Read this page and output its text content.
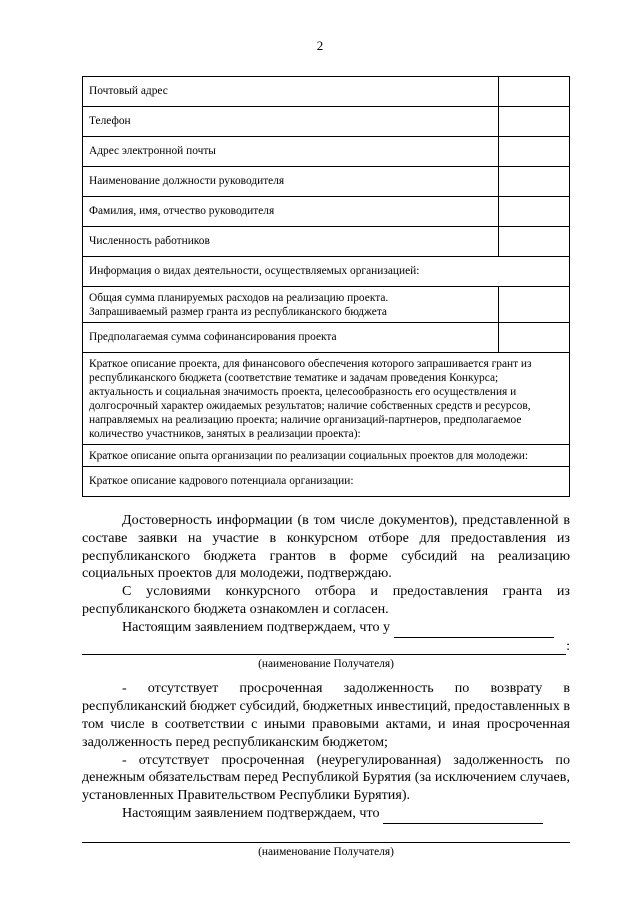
2
Почтовый адрес	
Телефон	
Адрес электронной почты	
Наименование должности руководителя	
Фамилия, имя, отчество руководителя	
Численность работников	
Информация о видах деятельности, осуществляемых организацией:	
Общая сумма планируемых расходов на реализацию проекта.
Запрашиваемый размер гранта из республиканского бюджета	
Предполагаемая сумма софинансирования проекта	
Краткое описание проекта, для финансового обеспечения которого запрашивается грант из республиканского бюджета (соответствие тематике и задачам проведения Конкурса; актуальность и социальная значимость проекта, целесообразность его осуществления и долгосрочный характер ожидаемых результатов; наличие собственных средств и ресурсов, направляемых на реализацию проекта; наличие организаций-партнеров, предполагаемое количество участников, занятых в реализации проекта):	
Краткое описание опыта организации по реализации социальных проектов для молодежи:	
Краткое описание кадрового потенциала организации:	

Достоверность информации (в том числе документов), представленной в составе заявки на участие в конкурсном отборе для предоставления из республиканского бюджета грантов в форме субсидий на реализацию социальных проектов для молодежи, подтверждаю.

С условиями конкурсного отбора и предоставления гранта из республиканского бюджета ознакомлен и согласен.

Настоящим заявлением подтверждаем, что у

:
(наименование Получателя)

- отсутствует просроченная задолженность по возврату в республиканский бюджет субсидий, бюджетных инвестиций, предоставленных в том числе в соответствии с иными правовыми актами, и иная просроченная задолженность перед республиканским бюджетом;

- отсутствует просроченная (неурегулированная) задолженность по денежным обязательствам перед Республикой Бурятия (за исключением случаев, установленных Правительством Республики Бурятия).

Настоящим заявлением подтверждаем, что

(наименование Получателя)
